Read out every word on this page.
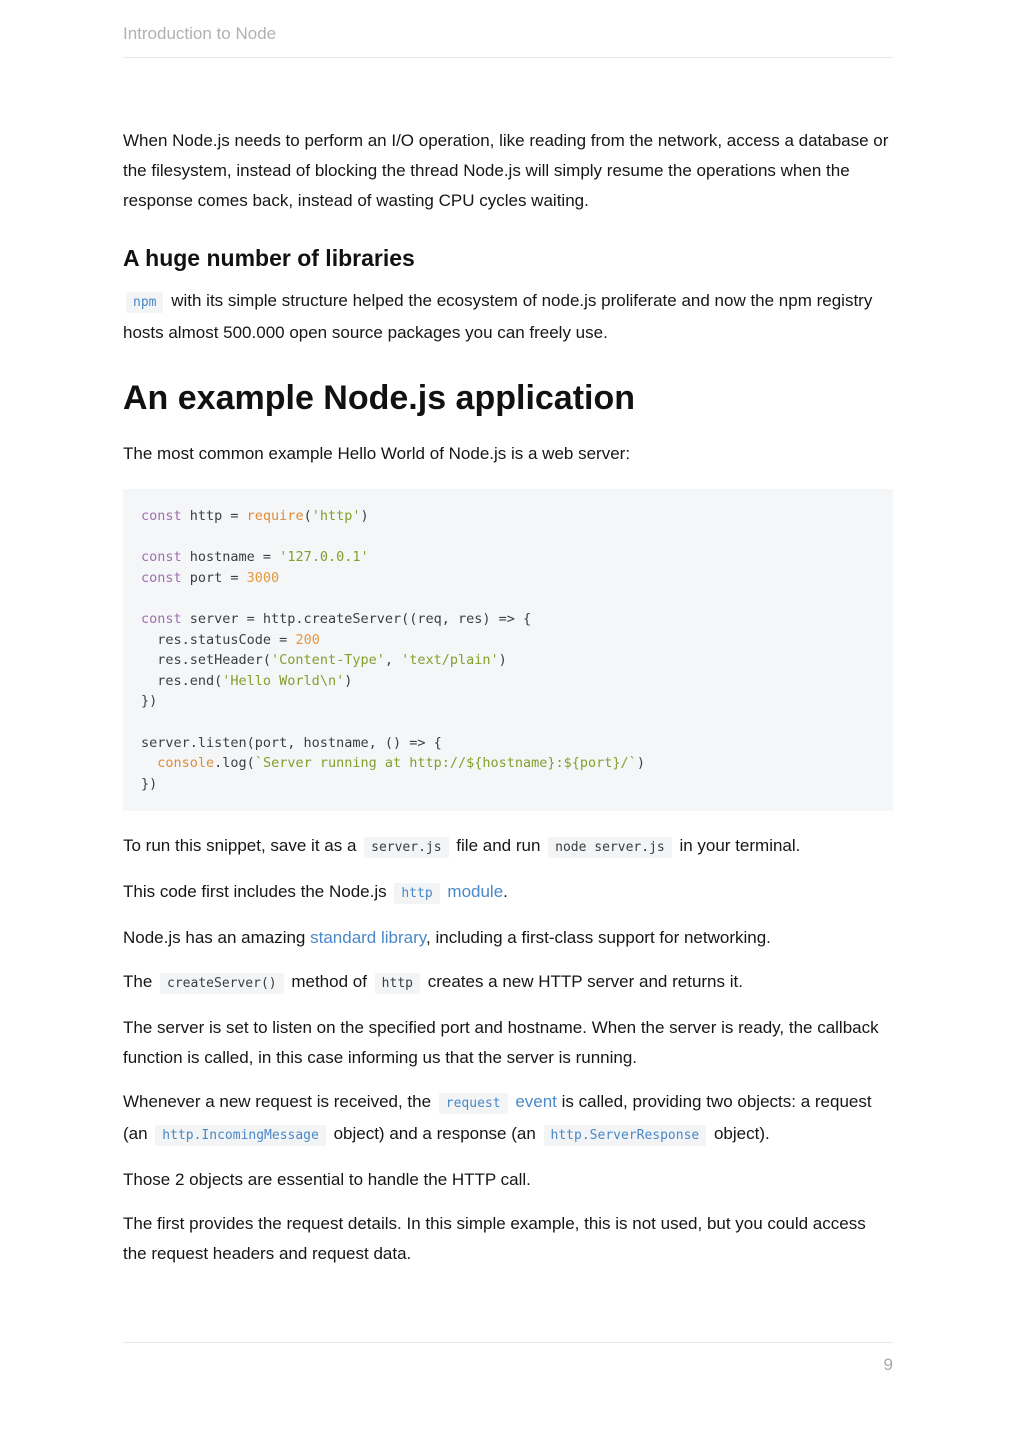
Introduction to Node

When Node.js needs to perform an I/O operation, like reading from the network, access a database or the filesystem, instead of blocking the thread Node.js will simply resume the operations when the response comes back, instead of wasting CPU cycles waiting.

A huge number of libraries

npm with its simple structure helped the ecosystem of node.js proliferate and now the npm registry hosts almost 500.000 open source packages you can freely use.

An example Node.js application

The most common example Hello World of Node.js is a web server:

const http = require('http')

const hostname = '127.0.0.1'
const port = 3000

const server = http.createServer((req, res) => {
res.statusCode = 200
res.setHeader('Content-Type', 'text/plain')
res.end('Hello World\n')
})

server.listen(port, hostname, () => {
console.log(`Server running at http://${hostname}:${port}/`)
})

To run this snippet, save it as a server.js file and run node server.js in your terminal.

This code first includes the Node.js http module.

Node.js has an amazing standard library, including a first-class support for networking.

The createServer() method of http creates a new HTTP server and returns it.

The server is set to listen on the specified port and hostname. When the server is ready, the callback function is called, in this case informing us that the server is running.

Whenever a new request is received, the request event is called, providing two objects: a request (an http.IncomingMessage object) and a response (an http.ServerResponse object).

Those 2 objects are essential to handle the HTTP call.

The first provides the request details. In this simple example, this is not used, but you could access the request headers and request data.

9
